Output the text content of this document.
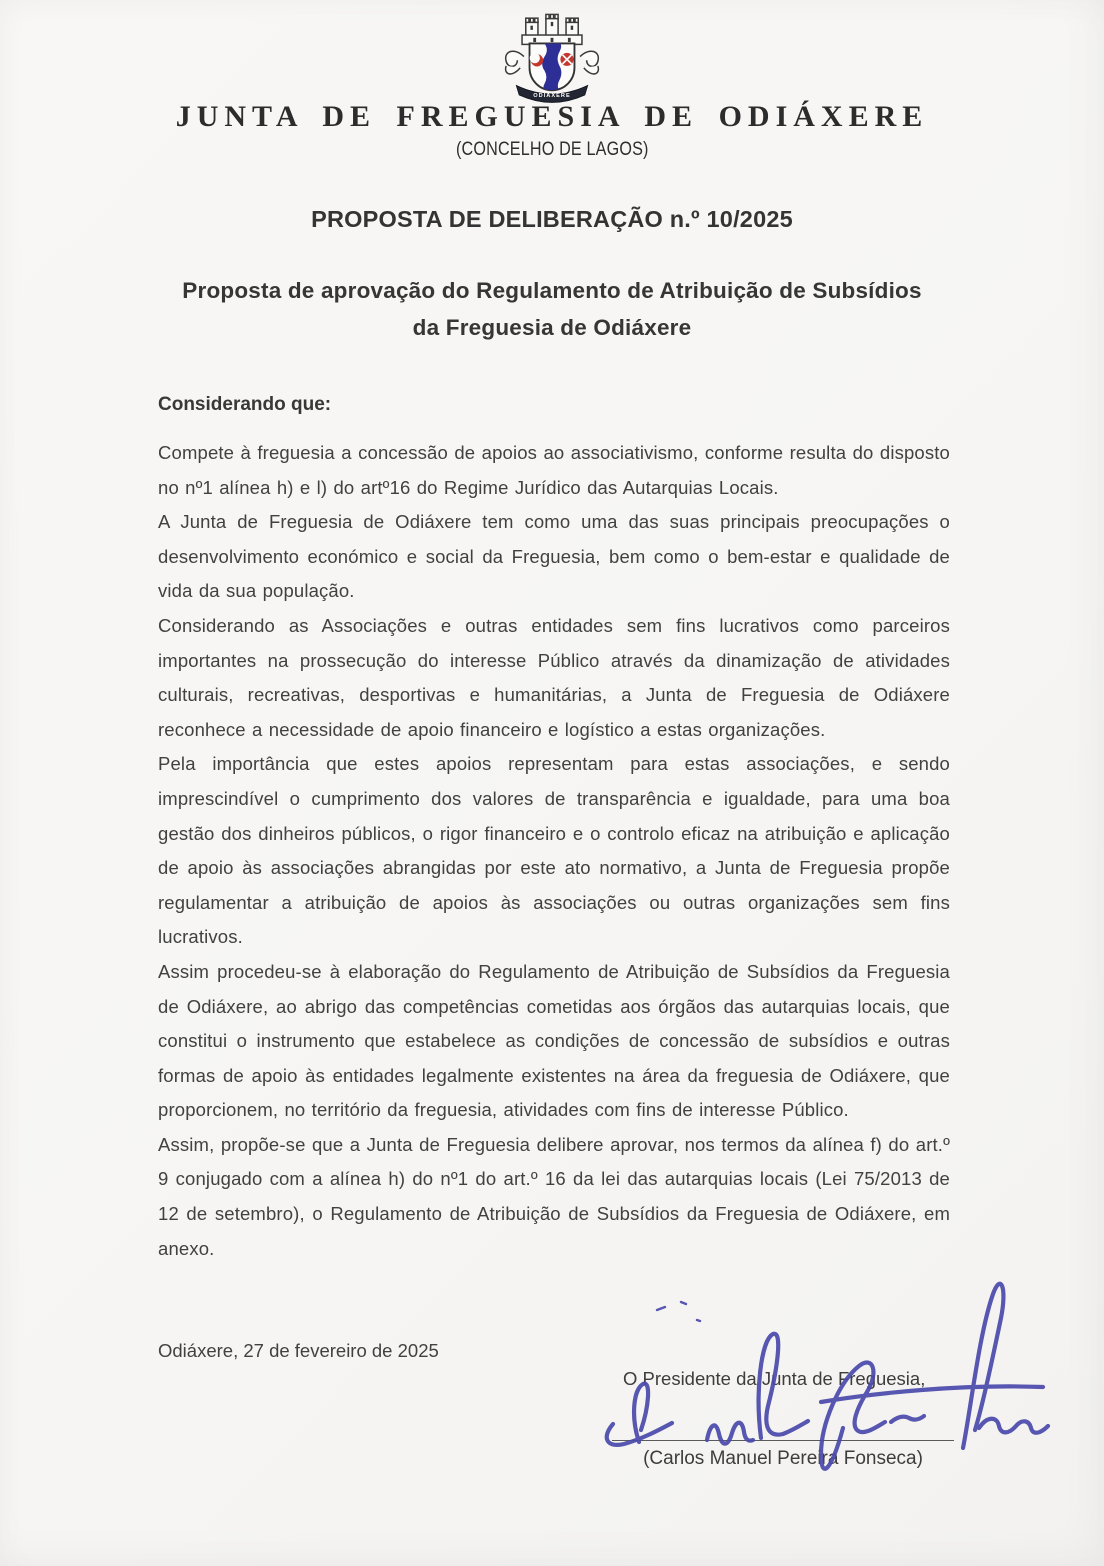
ODIÁXERE
JUNTA DE FREGUESIA DE ODIÁXERE
(CONCELHO DE LAGOS)
PROPOSTA DE DELIBERAÇÃO n.º 10/2025
Proposta de aprovação do Regulamento de Atribuição de Subsídios da Freguesia de Odiáxere

Considerando que:

Compete à freguesia a concessão de apoios ao associativismo, conforme resulta do disposto no nº1 alínea h) e l) do artº16 do Regime Jurídico das Autarquias Locais.

A Junta de Freguesia de Odiáxere tem como uma das suas principais preocupações o desenvolvimento económico e social da Freguesia, bem como o bem-estar e qualidade de vida da sua população.

Considerando as Associações e outras entidades sem fins lucrativos como parceiros importantes na prossecução do interesse Público através da dinamização de atividades culturais, recreativas, desportivas e humanitárias, a Junta de Freguesia de Odiáxere reconhece a necessidade de apoio financeiro e logístico a estas organizações.

Pela importância que estes apoios representam para estas associações, e sendo imprescindível o cumprimento dos valores de transparência e igualdade, para uma boa gestão dos dinheiros públicos, o rigor financeiro e o controlo eficaz na atribuição e aplicação de apoio às associações abrangidas por este ato normativo, a Junta de Freguesia propõe regulamentar a atribuição de apoios às associações ou outras organizações sem fins lucrativos.

Assim procedeu-se à elaboração do Regulamento de Atribuição de Subsídios da Freguesia de Odiáxere, ao abrigo das competências cometidas aos órgãos das autarquias locais, que constitui o instrumento que estabelece as condições de concessão de subsídios e outras formas de apoio às entidades legalmente existentes na área da freguesia de Odiáxere, que proporcionem, no território da freguesia, atividades com fins de interesse Público.

Assim, propõe-se que a Junta de Freguesia delibere aprovar, nos termos da alínea f) do art.º 9 conjugado com a alínea h) do nº1 do art.º 16 da lei das autarquias locais (Lei 75/2013 de 12 de setembro), o Regulamento de Atribuição de Subsídios da Freguesia de Odiáxere, em anexo.

Odiáxere, 27 de fevereiro de 2025
O Presidente da Junta de Freguesia,
(Carlos Manuel Pereira Fonseca)
